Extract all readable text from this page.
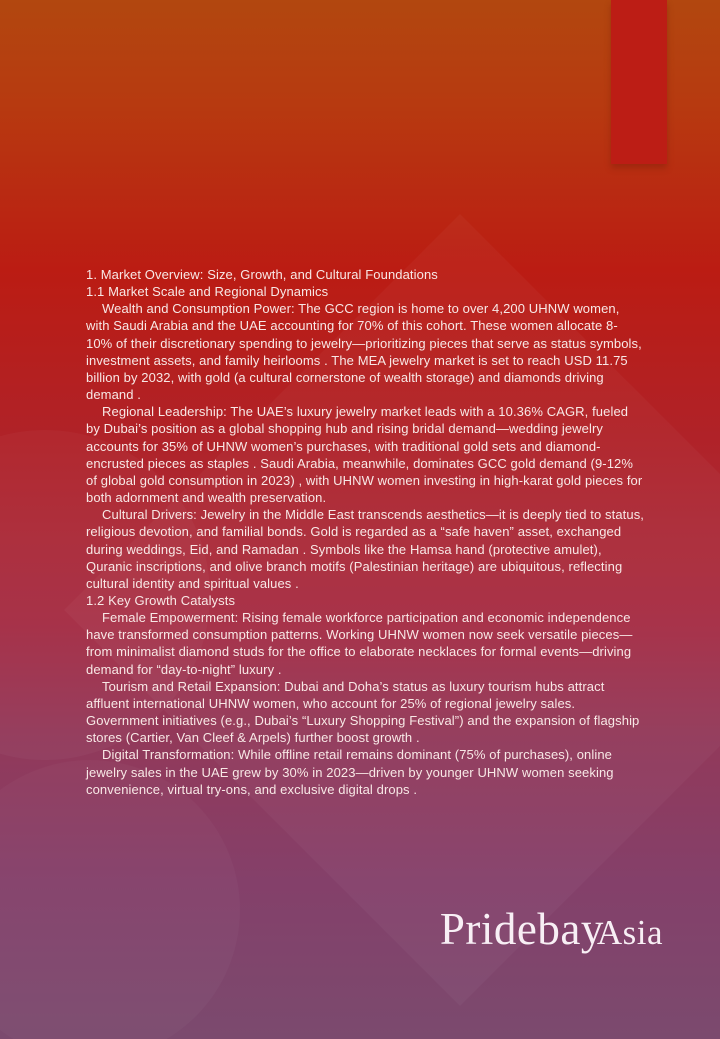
1. Market Overview: Size, Growth, and Cultural Foundations

1.1 Market Scale and Regional Dynamics

Wealth and Consumption Power: The GCC region is home to over 4,200 UHNW women, with Saudi Arabia and the UAE accounting for 70% of this cohort. These women allocate 8-10% of their discretionary spending to jewelry—prioritizing pieces that serve as status symbols, investment assets, and family heirlooms . The MEA jewelry market is set to reach USD 11.75 billion by 2032, with gold (a cultural cornerstone of wealth storage) and diamonds driving demand .

Regional Leadership: The UAE’s luxury jewelry market leads with a 10.36% CAGR, fueled by Dubai’s position as a global shopping hub and rising bridal demand—wedding jewelry accounts for 35% of UHNW women’s purchases, with traditional gold sets and diamond-encrusted pieces as staples . Saudi Arabia, meanwhile, dominates GCC gold demand (9-12% of global gold consumption in 2023) , with UHNW women investing in high-karat gold pieces for both adornment and wealth preservation.

Cultural Drivers: Jewelry in the Middle East transcends aesthetics—it is deeply tied to status, religious devotion, and familial bonds. Gold is regarded as a “safe haven” asset, exchanged during weddings, Eid, and Ramadan . Symbols like the Hamsa hand (protective amulet), Quranic inscriptions, and olive branch motifs (Palestinian heritage) are ubiquitous, reflecting cultural identity and spiritual values .

1.2 Key Growth Catalysts

Female Empowerment: Rising female workforce participation and economic independence have transformed consumption patterns. Working UHNW women now seek versatile pieces—from minimalist diamond studs for the office to elaborate necklaces for formal events—driving demand for “day-to-night” luxury .

Tourism and Retail Expansion: Dubai and Doha’s status as luxury tourism hubs attract affluent international UHNW women, who account for 25% of regional jewelry sales. Government initiatives (e.g., Dubai’s “Luxury Shopping Festival”) and the expansion of flagship stores (Cartier, Van Cleef & Arpels) further boost growth .

Digital Transformation: While offline retail remains dominant (75% of purchases), online jewelry sales in the UAE grew by 30% in 2023—driven by younger UHNW women seeking convenience, virtual try-ons, and exclusive digital drops .

PridebayAsia
